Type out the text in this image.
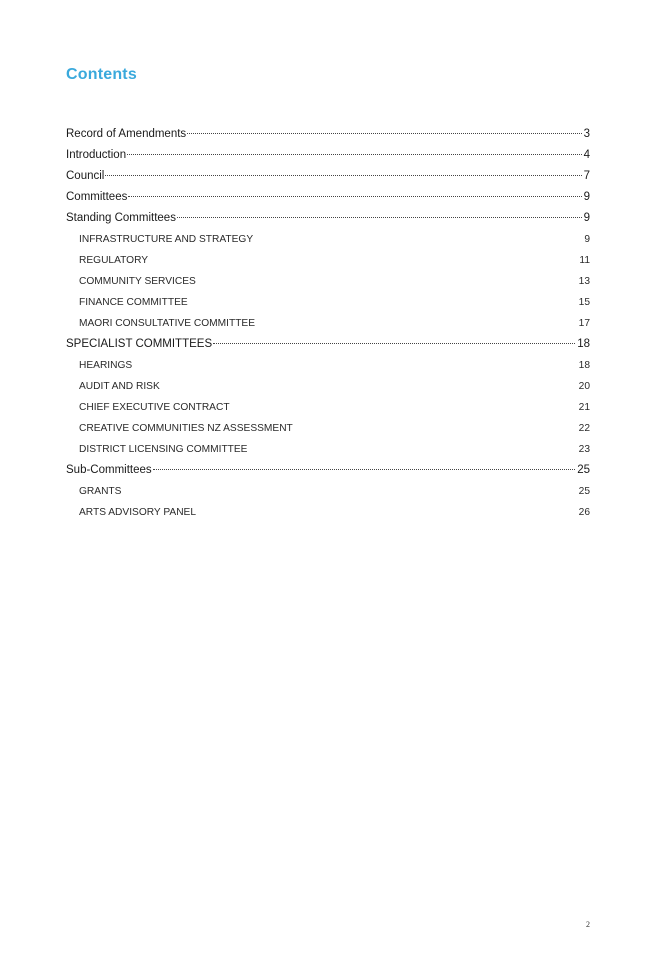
Contents
Record of Amendments	3
Introduction	4
Council	7
Committees	9
Standing Committees	9
INFRASTRUCTURE AND STRATEGY	9
REGULATORY	11
COMMUNITY SERVICES	13
FINANCE COMMITTEE	15
MAORI CONSULTATIVE COMMITTEE	17
SPECIALIST COMMITTEES	18
HEARINGS	18
AUDIT AND RISK	20
CHIEF EXECUTIVE CONTRACT	21
CREATIVE COMMUNITIES NZ ASSESSMENT	22
DISTRICT LICENSING COMMITTEE	23
Sub-Committees	25
GRANTS	25
ARTS ADVISORY PANEL	26
2
